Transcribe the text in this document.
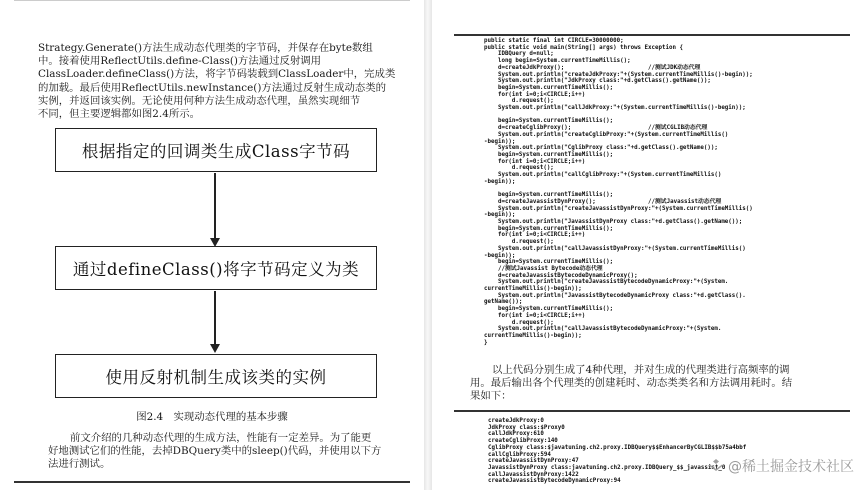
Strategy.Generate()方法生成动态代理类的字节码，并保存在byte数组
中。接着使用ReflectUtils.define-Class()方法通过反射调用
ClassLoader.defineClass()方法，将字节码装载到ClassLoader中，完成类
的加载。最后使用ReflectUtils.newInstance()方法通过反射生成动态类的
实例，并返回该实例。无论使用何种方法生成动态代理，虽然实现细节
不同，但主要逻辑都如图2.4所示。
根据指定的回调类生成Class字节码
通过defineClass()将字节码定义为类
使用反射机制生成该类的实例
图2.4　实现动态代理的基本步骤
前文介绍的几种动态代理的生成方法，性能有一定差异。为了能更
好地测试它们的性能，去掉DBQuery类中的sleep()代码，并使用以下方
法进行测试。
public static final int CIRCLE=30000000;
public static void main(String[] args) throws Exception {
IDBQuery d=null;
long begin=System.currentTimeMillis();
d=createJdkProxy();                        //测试JDK动态代理
System.out.println("createJdkProxy:"+(System.currentTimeMillis()-begin));
System.out.println("JdkProxy class:"+d.getClass().getName());
begin=System.currentTimeMillis();
for(int i=0;i<CIRCLE;i++)
d.request();
System.out.println("callJdkProxy:"+(System.currentTimeMillis()-begin));

begin=System.currentTimeMillis();
d=createCglibProxy();                      //测试CGLIB动态代理
System.out.println("createCglibProxy:"+(System.currentTimeMillis()
-begin));
System.out.println("CglibProxy class:"+d.getClass().getName());
begin=System.currentTimeMillis();
for(int i=0;i<CIRCLE;i++)
d.request();
System.out.println("callCglibProxy:"+(System.currentTimeMillis()
-begin));

begin=System.currentTimeMillis();
d=createJavassistDynProxy();               //测试Javassist动态代理
System.out.println("createJavassistDynProxy:"+(System.currentTimeMillis()
-begin));
System.out.println("JavassistDynProxy class:"+d.getClass().getName());
begin=System.currentTimeMillis();
for(int i=0;i<CIRCLE;i++)
d.request();
System.out.println("callJavassistDynProxy:"+(System.currentTimeMillis()
-begin));
begin=System.currentTimeMillis();
//测试Javassist Bytecode动态代理
d=createJavassistBytecodeDynamicProxy();
System.out.println("createJavassistBytecodeDynamicProxy:"+(System.
currentTimeMillis()-begin));
System.out.println("JavassistBytecodeDynamicProxy class:"+d.getClass().
getName());
begin=System.currentTimeMillis();
for(int i=0;i<CIRCLE;i++)
d.request();
System.out.println("callJavassistBytecodeDynamicProxy:"+(System.
currentTimeMillis()-begin));
}
以上代码分别生成了4种代理，并对生成的代理类进行高频率的调
用。最后输出各个代理类的创建耗时、动态类类名和方法调用耗时。结
果如下：
createJdkProxy:0
JdkProxy class:$Proxy0
callJdkProxy:610
createCglibProxy:140
CglibProxy class:$javatuning.ch2.proxy.IDBQuery$$EnhancerByCGLIB$$b75a4bbf
callCglibProxy:594
createJavassistDynProxy:47
JavassistDynProxy class:javatuning.ch2.proxy.IDBQuery_$$_javassist_0
callJavassistDynProxy:1422
createJavassistBytecodeDynamicProxy:94
@稀土掘金技术社区
